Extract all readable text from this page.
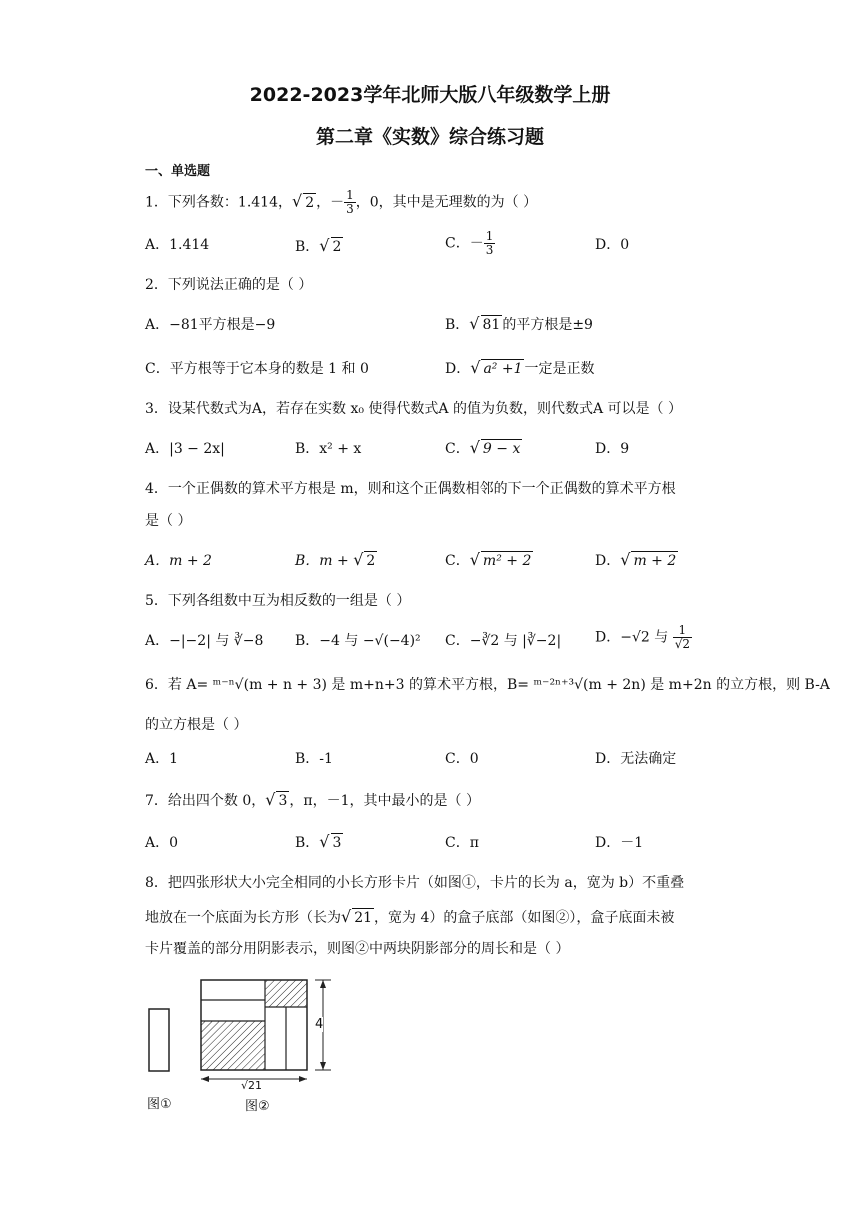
2022-2023学年北师大版八年级数学上册
第二章《实数》综合练习题
一、单选题
1．下列各数：1.414，√ 2 ，－ $\frac{1}{3}$ ，0，其中是无理数的为（ ）
A．1.414	B．√ 2	C．－ $\frac{1}{3}$	D．0
2．下列说法正确的是（ ）
A．−81平方根是−9	B．√ 81 的平方根是±9
C．平方根等于它本身的数是 1 和 0	D．√ a² +1 一定是正数
3．设某代数式为A，若存在实数 x₀ 使得代数式A 的值为负数，则代数式A 可以是（ ）
A．|3 − 2x|	B．x² + x	C．√ 9 − x	D．9
4．一个正偶数的算术平方根是 m，则和这个正偶数相邻的下一个正偶数的算术平方根
是（ ）
A．m + 2	B．m + √ 2	C．√ m² + 2	D．√ m + 2
5．下列各组数中互为相反数的一组是（ ）
A．−|−2| 与 ∛−8 B．−4 与 −√(−4)² C．−∛2 与 |∛−2| D．−√2 与 $\frac{1}{√2}$
6．若 A= ᵐ⁻ⁿ√(m + n + 3) 是 m+n+3 的算术平方根，B= ᵐ⁻²ⁿ⁺³√(m + 2n) 是 m+2n 的立方根，则 B-A
的立方根是（ ）
A．1	B．-1	C．0	D．无法确定
7．给出四个数 0，√ 3 ，π，－1，其中最小的是（ ）
A．0	B．√ 3	C．π	D．－1
8．把四张形状大小完全相同的小长方形卡片（如图①，卡片的长为 a，宽为 b）不重叠
地放在一个底面为长方形（长为√ 21 ，宽为 4）的盒子底部（如图②），盒子底面未被
卡片覆盖的部分用阴影表示，则图②中两块阴影部分的周长和是（ ）
4
√21
图①	图②
